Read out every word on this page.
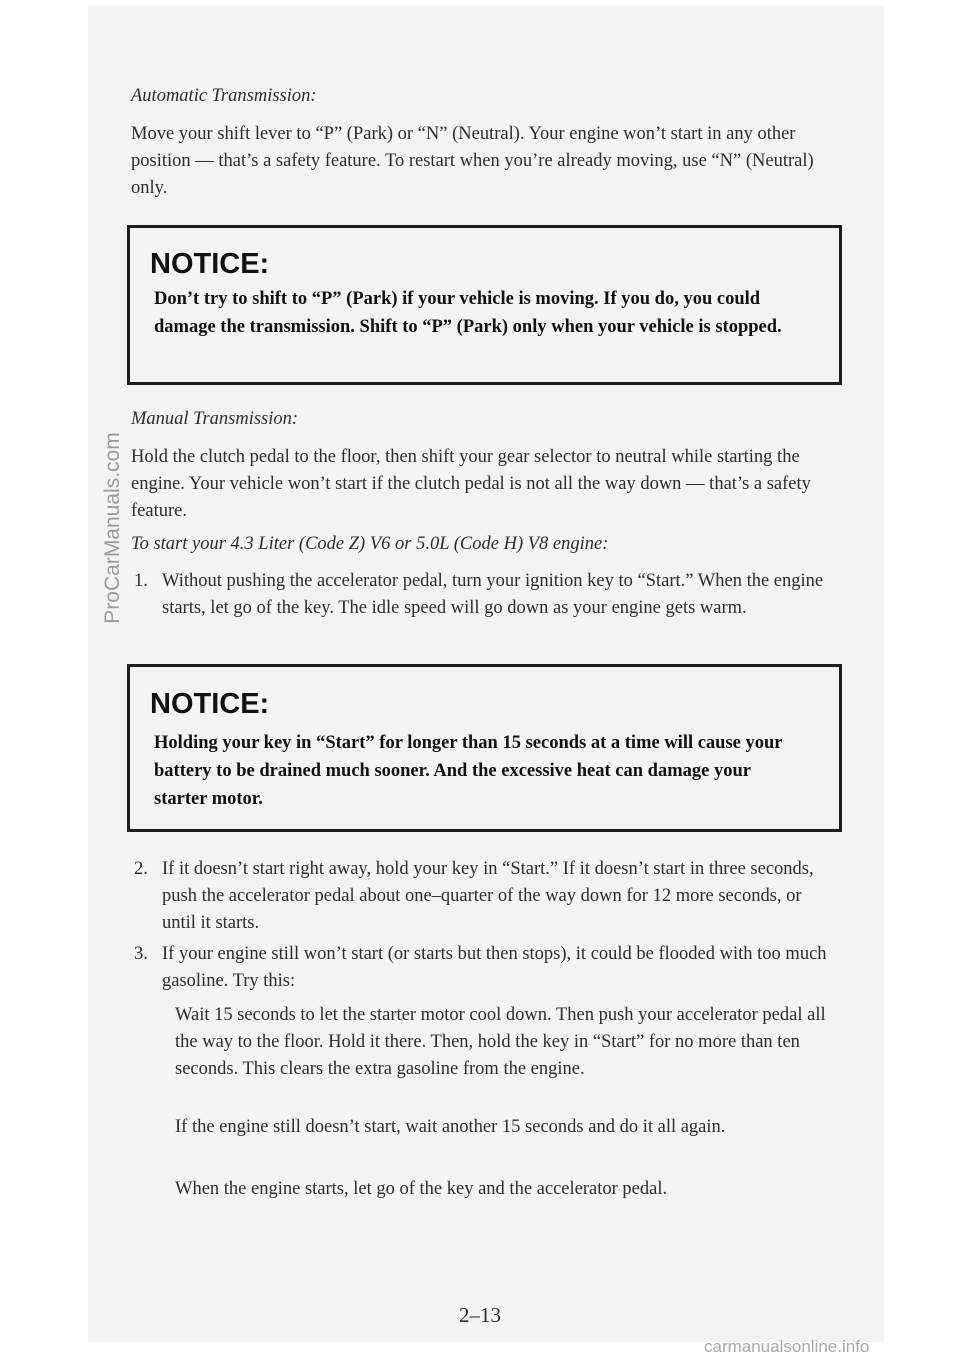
Automatic Transmission:
Move your shift lever to “P” (Park) or “N” (Neutral). Your engine won’t start in any other position — that’s a safety feature. To restart when you’re already moving, use “N” (Neutral) only.
NOTICE:
Don’t try to shift to “P” (Park) if your vehicle is moving. If you do, you could damage the transmission. Shift to “P” (Park) only when your vehicle is stopped.
Manual Transmission:
Hold the clutch pedal to the floor, then shift your gear selector to neutral while starting the engine. Your vehicle won’t start if the clutch pedal is not all the way down — that’s a safety feature.
To start your 4.3 Liter (Code Z) V6 or 5.0L (Code H) V8 engine:
1. Without pushing the accelerator pedal, turn your ignition key to “Start.” When the engine starts, let go of the key. The idle speed will go down as your engine gets warm.
NOTICE:
Holding your key in “Start” for longer than 15 seconds at a time will cause your battery to be drained much sooner. And the excessive heat can damage your starter motor.
2. If it doesn’t start right away, hold your key in “Start.” If it doesn’t start in three seconds, push the accelerator pedal about one–quarter of the way down for 12 more seconds, or until it starts.
3. If your engine still won’t start (or starts but then stops), it could be flooded with too much gasoline. Try this:
Wait 15 seconds to let the starter motor cool down. Then push your accelerator pedal all the way to the floor. Hold it there. Then, hold the key in “Start” for no more than ten seconds. This clears the extra gasoline from the engine.
If the engine still doesn’t start, wait another 15 seconds and do it all again.
When the engine starts, let go of the key and the accelerator pedal.
2–13
ProCarManuals.com
carmanualsonline.info
